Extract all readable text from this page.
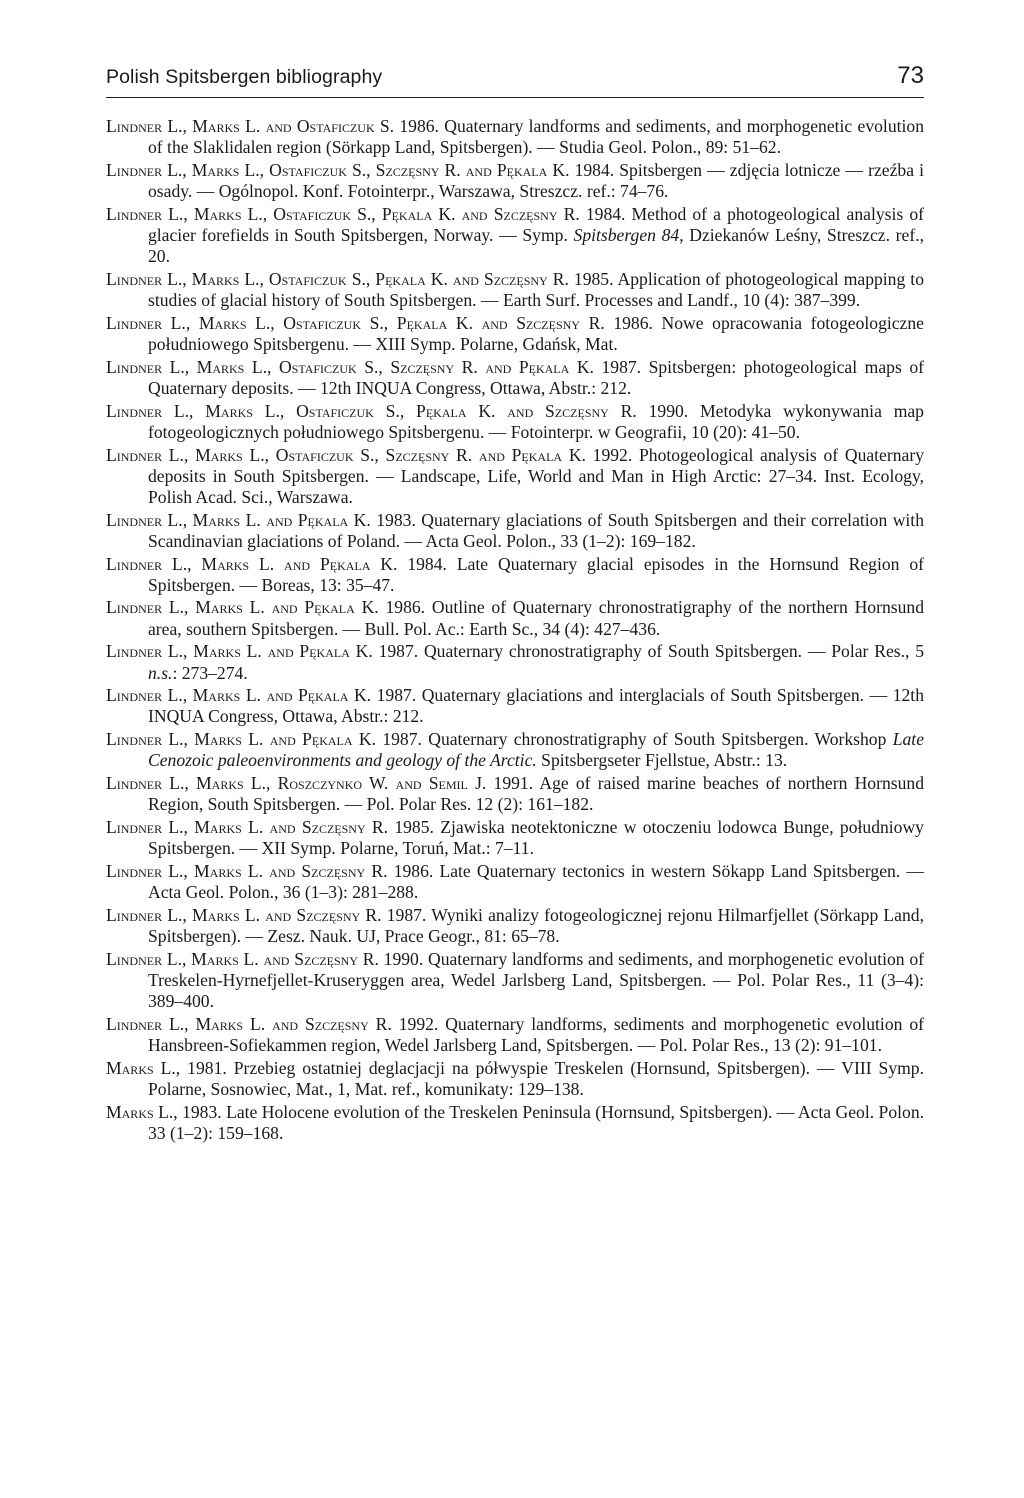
Polish Spitsbergen bibliography	73
Lindner L., Marks L. and Ostaficzuk S. 1986. Quaternary landforms and sediments, and morphogenetic evolution of the Slaklidalen region (Sörkapp Land, Spitsbergen). — Studia Geol. Polon., 89: 51–62.
Lindner L., Marks L., Ostaficzuk S., Szczęsny R. and Pękala K. 1984. Spitsbergen — zdjęcia lotnicze — rzeźba i osady. — Ogólnopol. Konf. Fotointerpr., Warszawa, Streszcz. ref.: 74–76.
Lindner L., Marks L., Ostaficzuk S., Pękala K. and Szczęsny R. 1984. Method of a photogeological analysis of glacier forefields in South Spitsbergen, Norway. — Symp. Spitsbergen 84, Dziekanów Leśny, Streszcz. ref., 20.
Lindner L., Marks L., Ostaficzuk S., Pękala K. and Szczęsny R. 1985. Application of photogeological mapping to studies of glacial history of South Spitsbergen. — Earth Surf. Processes and Landf., 10 (4): 387–399.
Lindner L., Marks L., Ostaficzuk S., Pękala K. and Szczęsny R. 1986. Nowe opracowania fotogeologiczne południowego Spitsbergenu. — XIII Symp. Polarne, Gdańsk, Mat.
Lindner L., Marks L., Ostaficzuk S., Szczęsny R. and Pękala K. 1987. Spitsbergen: photogeological maps of Quaternary deposits. — 12th INQUA Congress, Ottawa, Abstr.: 212.
Lindner L., Marks L., Ostaficzuk S., Pękala K. and Szczęsny R. 1990. Metodyka wykonywania map fotogeologicznych południowego Spitsbergenu. — Fotointerpr. w Geografii, 10 (20): 41–50.
Lindner L., Marks L., Ostaficzuk S., Szczęsny R. and Pękala K. 1992. Photogeological analysis of Quaternary deposits in South Spitsbergen. — Landscape, Life, World and Man in High Arctic: 27–34. Inst. Ecology, Polish Acad. Sci., Warszawa.
Lindner L., Marks L. and Pękala K. 1983. Quaternary glaciations of South Spitsbergen and their correlation with Scandinavian glaciations of Poland. — Acta Geol. Polon., 33 (1–2): 169–182.
Lindner L., Marks L. and Pękala K. 1984. Late Quaternary glacial episodes in the Hornsund Region of Spitsbergen. — Boreas, 13: 35–47.
Lindner L., Marks L. and Pękala K. 1986. Outline of Quaternary chronostratigraphy of the northern Hornsund area, southern Spitsbergen. — Bull. Pol. Ac.: Earth Sc., 34 (4): 427–436.
Lindner L., Marks L. and Pękala K. 1987. Quaternary chronostratigraphy of South Spitsbergen. — Polar Res., 5 n.s.: 273–274.
Lindner L., Marks L. and Pękala K. 1987. Quaternary glaciations and interglacials of South Spitsbergen. — 12th INQUA Congress, Ottawa, Abstr.: 212.
Lindner L., Marks L. and Pękala K. 1987. Quaternary chronostratigraphy of South Spitsbergen. Workshop Late Cenozoic paleoenvironments and geology of the Arctic. Spitsbergseter Fjellstue, Abstr.: 13.
Lindner L., Marks L., Roszczynko W. and Semil J. 1991. Age of raised marine beaches of northern Hornsund Region, South Spitsbergen. — Pol. Polar Res. 12 (2): 161–182.
Lindner L., Marks L. and Szczęsny R. 1985. Zjawiska neotektoniczne w otoczeniu lodowca Bunge, południowy Spitsbergen. — XII Symp. Polarne, Toruń, Mat.: 7–11.
Lindner L., Marks L. and Szczęsny R. 1986. Late Quaternary tectonics in western Sökapp Land Spitsbergen. — Acta Geol. Polon., 36 (1–3): 281–288.
Lindner L., Marks L. and Szczęsny R. 1987. Wyniki analizy fotogeologicznej rejonu Hilmarfjellet (Sörkapp Land, Spitsbergen). — Zesz. Nauk. UJ, Prace Geogr., 81: 65–78.
Lindner L., Marks L. and Szczęsny R. 1990. Quaternary landforms and sediments, and morphogenetic evolution of Treskelen-Hyrnefjellet-Kruseryggen area, Wedel Jarlsberg Land, Spitsbergen. — Pol. Polar Res., 11 (3–4): 389–400.
Lindner L., Marks L. and Szczęsny R. 1992. Quaternary landforms, sediments and morphogenetic evolution of Hansbreen-Sofiekammen region, Wedel Jarlsberg Land, Spitsbergen. — Pol. Polar Res., 13 (2): 91–101.
Marks L., 1981. Przebieg ostatniej deglacjacji na półwyspie Treskelen (Hornsund, Spitsbergen). — VIII Symp. Polarne, Sosnowiec, Mat., 1, Mat. ref., komunikaty: 129–138.
Marks L., 1983. Late Holocene evolution of the Treskelen Peninsula (Hornsund, Spitsbergen). — Acta Geol. Polon. 33 (1–2): 159–168.
